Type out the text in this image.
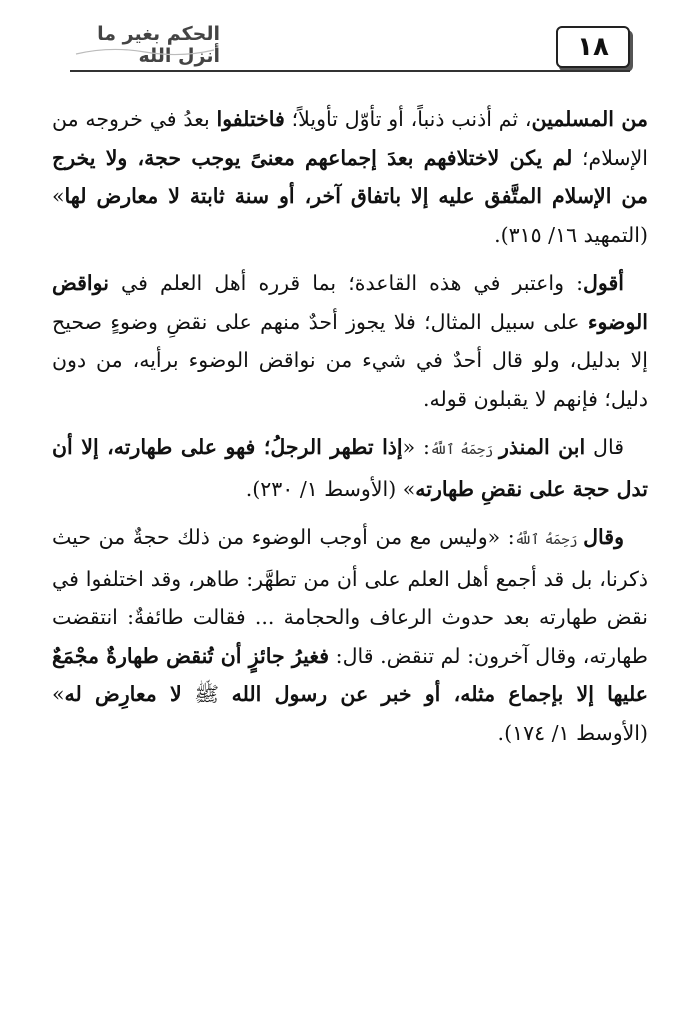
١٨
الحكم بغير ما أنزل الله

من المسلمين، ثم أذنب ذنباً، أو تأوّل تأويلاً؛ فاختلفوا بعدُ في خروجه من الإسلام؛ لم يكن لاختلافهم بعدَ إجماعهم معنىً يوجب حجة، ولا يخرج من الإسلام المتَّفق عليه إلا باتفاق آخر، أو سنة ثابتة لا معارض لها» (التمهيد ١٦/ ٣١٥).

أقول: واعتبر في هذه القاعدة؛ بما قرره أهل العلم في نواقض الوضوء على سبيل المثال؛ فلا يجوز أحدٌ منهم على نقضِ وضوءٍ صحيح إلا بدليل، ولو قال أحدٌ في شيء من نواقض الوضوء برأيه، من دون دليل؛ فإنهم لا يقبلون قوله.

قال ابن المنذر رَحِمَهُ ٱللَّهُ: «إذا تطهر الرجلُ؛ فهو على طهارته، إلا أن تدل حجة على نقضِ طهارته» (الأوسط ١/ ٢٣٠).

وقال رَحِمَهُ ٱللَّهُ: «وليس مع من أوجب الوضوء من ذلك حجةٌ من حيث ذكرنا، بل قد أجمع أهل العلم على أن من تطهَّر: طاهر، وقد اختلفوا في نقض طهارته بعد حدوث الرعاف والحجامة ... فقالت طائفةٌ: انتقضت طهارته، وقال آخرون: لم تنقض. قال: فغيرُ جائزٍ أن تُنقض طهارةٌ مجْمَعٌ عليها إلا بإجماع مثله، أو خبر عن رسول الله ﷺ لا معارِض له» (الأوسط ١/ ١٧٤).
